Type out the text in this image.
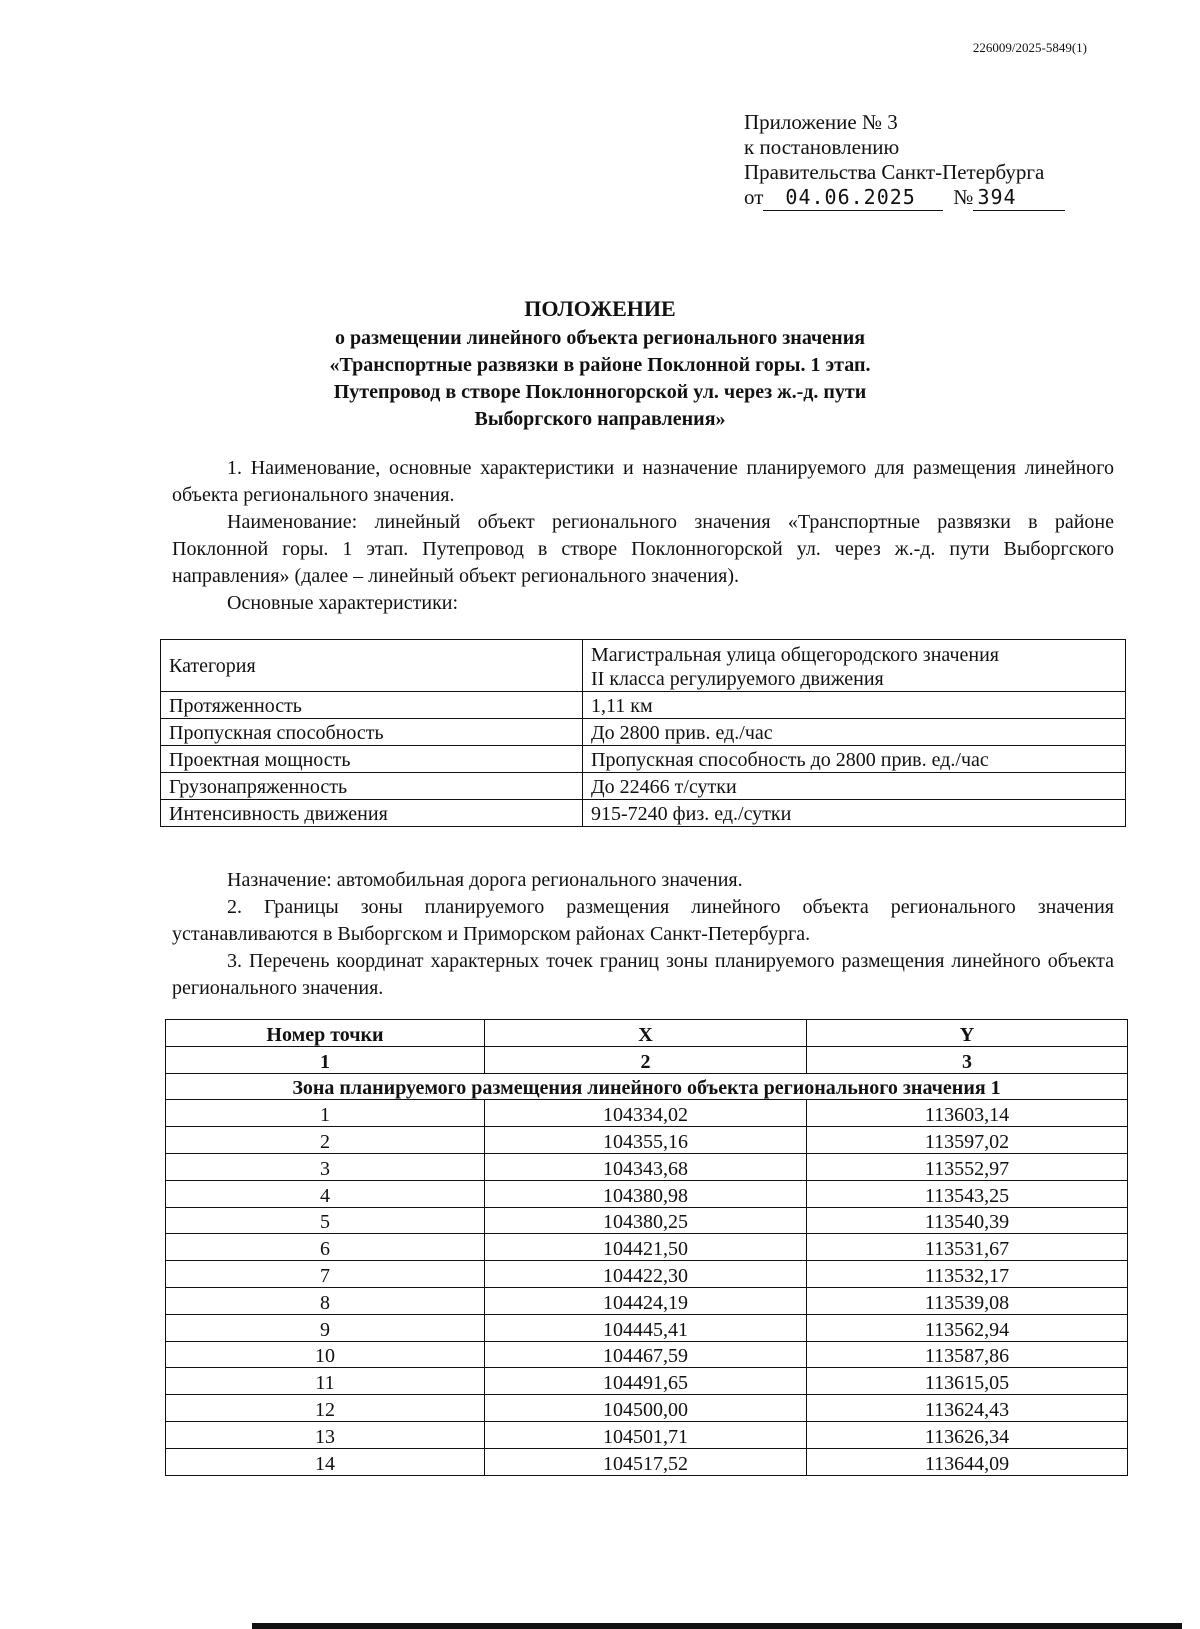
226009/2025-5849(1)
Приложение № 3
к постановлению
Правительства Санкт-Петербурга
от 04.06.2025 № 394
ПОЛОЖЕНИЕ
о размещении линейного объекта регионального значения
«Транспортные развязки в районе Поклонной горы. 1 этап.
Путепровод в створе Поклонногорской ул. через ж.-д. пути
Выборгского направления»

1. Наименование, основные характеристики и назначение планируемого для размещения линейного объекта регионального значения.

Наименование: линейный объект регионального значения «Транспортные развязки в районе Поклонной горы. 1 этап. Путепровод в створе Поклонногорской ул. через ж.-д. пути Выборгского направления» (далее – линейный объект регионального значения).

Основные характеристики:

Категория	Магистральная улица общегородского значения
II класса регулируемого движения

Протяженность	1,11 км
Пропускная способность	До 2800 прив. ед./час
Проектная мощность	Пропускная способность до 2800 прив. ед./час
Грузонапряженность	До 22466 т/сутки
Интенсивность движения	915-7240 физ. ед./сутки

Назначение: автомобильная дорога регионального значения.

2. Границы зоны планируемого размещения линейного объекта регионального значения устанавливаются в Выборгском и Приморском районах Санкт-Петербурга.

3. Перечень координат характерных точек границ зоны планируемого размещения линейного объекта регионального значения.

Номер точки	X	Y
1	2	3
Зона планируемого размещения линейного объекта регионального значения 1		
1	104334,02	113603,14
2	104355,16	113597,02
3	104343,68	113552,97
4	104380,98	113543,25
5	104380,25	113540,39
6	104421,50	113531,67
7	104422,30	113532,17
8	104424,19	113539,08
9	104445,41	113562,94
10	104467,59	113587,86
11	104491,65	113615,05
12	104500,00	113624,43
13	104501,71	113626,34
14	104517,52	113644,09
